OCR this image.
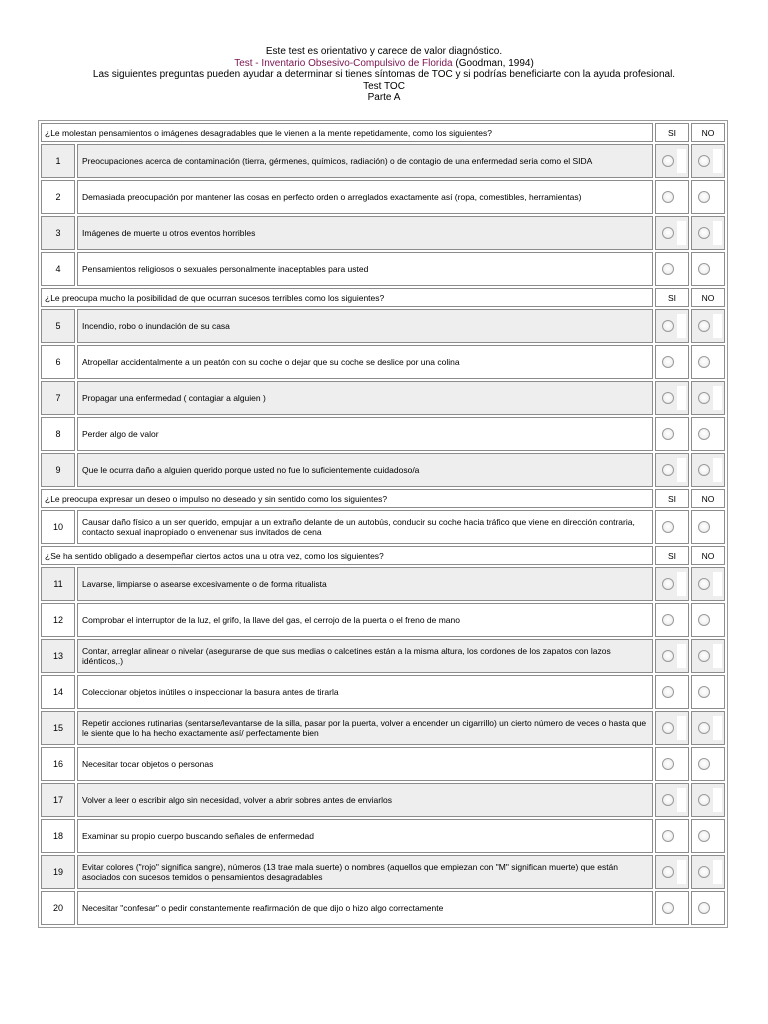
Este test es orientativo y carece de valor diagnóstico.
Test - Inventario Obsesivo-Compulsivo de Florida (Goodman, 1994)
Las siguientes preguntas pueden ayudar a determinar si tienes síntomas de TOC y si podrías beneficiarte con la ayuda profesional.
Test TOC
Parte A
¿Le molestan pensamientos o imágenes desagradables que le vienen a la mente repetidamente, como los siguientes?		SI	NO
1	Preocupaciones acerca de contaminación (tierra, gérmenes, químicos, radiación) o de contagio de una enfermedad seria como el SIDA	

2	Demasiada preocupación por mantener las cosas en perfecto orden o arreglados exactamente así (ropa, comestibles, herramientas)	

3	Imágenes de muerte u otros eventos horribles	

4	Pensamientos religiosos o sexuales personalmente inaceptables para usted	

¿Le preocupa mucho la posibilidad de que ocurran sucesos terribles como los siguientes?		SI	NO
5	Incendio, robo o inundación de su casa	

6	Atropellar accidentalmente a un peatón con su coche o dejar que su coche se deslice por una colina	

7	Propagar una enfermedad ( contagiar a alguien )	

8	Perder algo de valor	

9	Que le ocurra daño a alguien querido porque usted no fue lo suficientemente cuidadoso/a	

¿Le preocupa expresar un deseo o impulso no deseado y sin sentido como los siguientes?		SI	NO
10	Causar daño físico a un ser querido, empujar a un extraño delante de un autobús, conducir su coche hacia tráfico que viene en dirección contraria, contacto sexual inapropiado o envenenar sus invitados de cena	

¿Se ha sentido obligado a desempeñar ciertos actos una u otra vez, como los siguientes?		SI	NO
11	Lavarse, limpiarse o asearse excesivamente o de forma ritualista	

12	Comprobar el interruptor de la luz, el grifo, la llave del gas, el cerrojo de la puerta o el freno de mano	

13	Contar, arreglar alinear o nivelar (asegurarse de que sus medias o calcetines están a la misma altura, los cordones de los zapatos con lazos idénticos,.)	

14	Coleccionar objetos inútiles o inspeccionar la basura antes de tirarla	

15	Repetir acciones rutinarias (sentarse/levantarse de la silla, pasar por la puerta, volver a encender un cigarrillo) un cierto número de veces o hasta que le siente que lo ha hecho exactamente así/ perfectamente bien	

16	Necesitar tocar objetos o personas	

17	Volver a leer o escribir algo sin necesidad, volver a abrir sobres antes de enviarlos	

18	Examinar su propio cuerpo buscando señales de enfermedad	

19	Evitar colores ("rojo" significa sangre), números (13 trae mala suerte) o nombres (aquellos que empiezan con "M" significan muerte) que están asociados con sucesos temidos o pensamientos desagradables	

20	Necesitar "confesar" o pedir constantemente reafirmación de que dijo o hizo algo correctamente	
